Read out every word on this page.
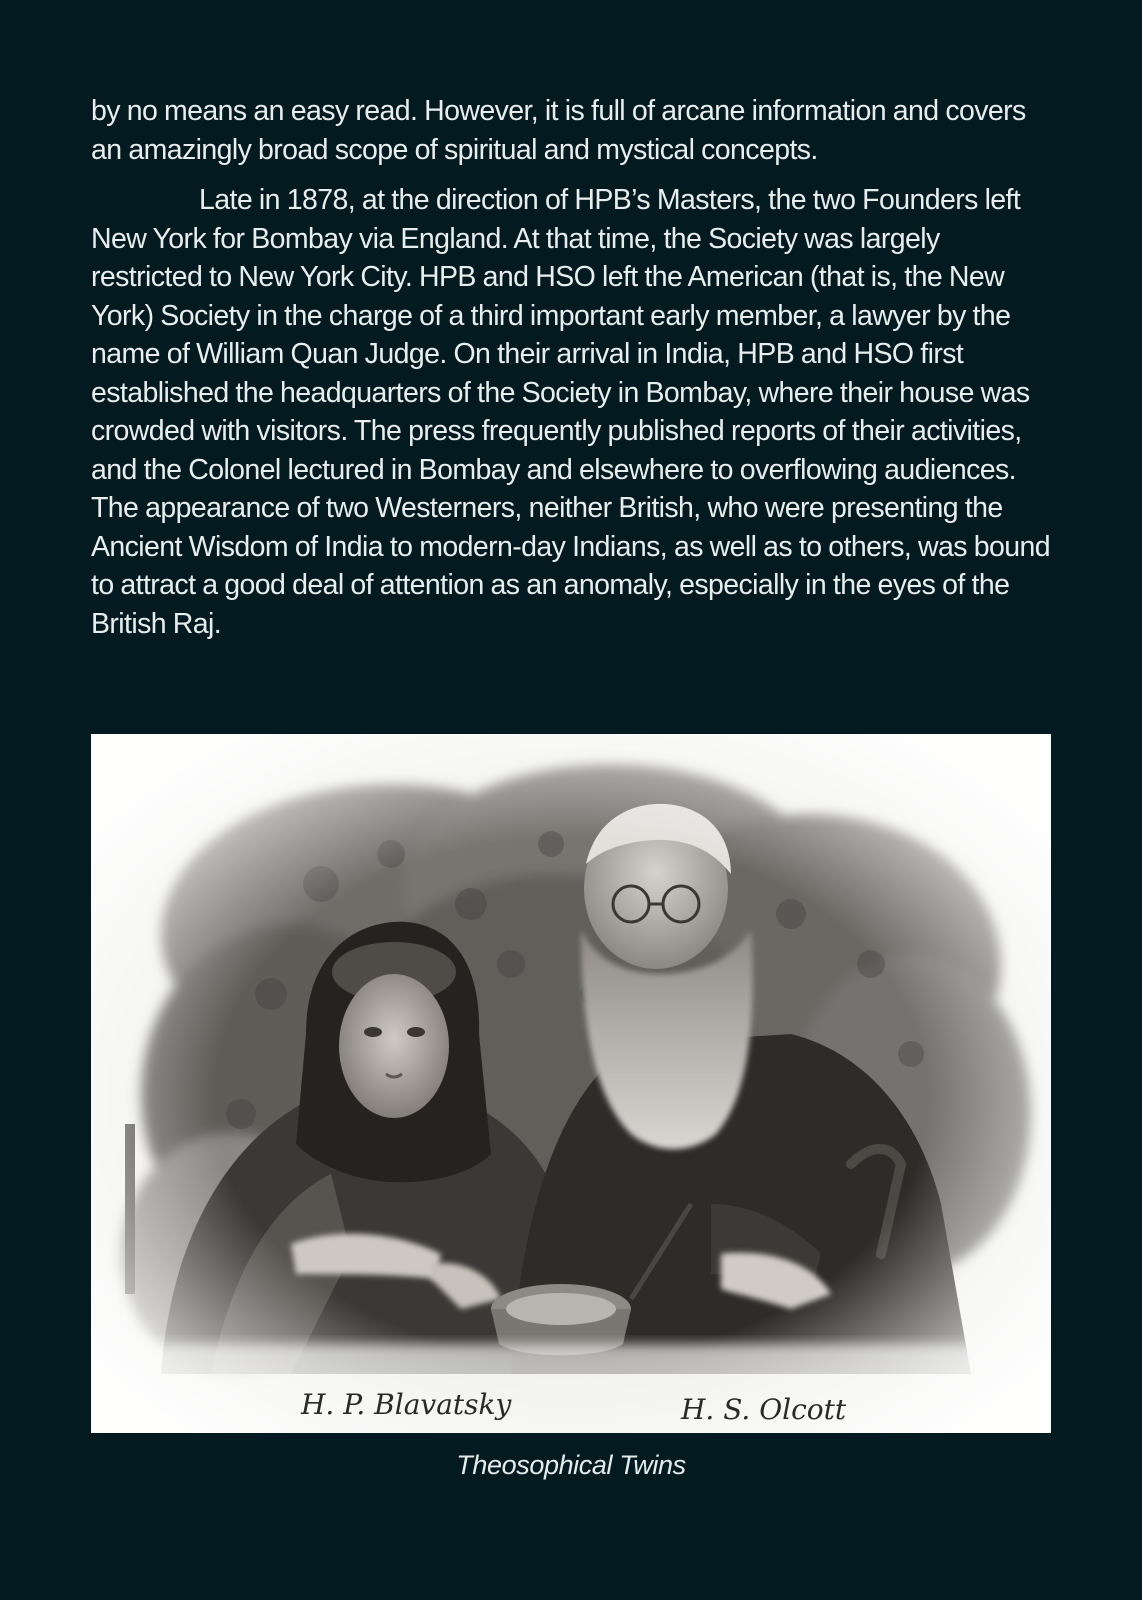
by no means an easy read. However, it is full of arcane information and covers an amazingly broad scope of spiritual and mystical concepts.

Late in 1878, at the direction of HPB’s Masters, the two Founders left New York for Bombay via England. At that time, the Society was largely restricted to New York City. HPB and HSO left the American (that is, the New York) Society in the charge of a third important early member, a lawyer by the name of William Quan Judge. On their arrival in India, HPB and HSO first established the headquarters of the Society in Bombay, where their house was crowded with visitors. The press frequently published reports of their activities, and the Colonel lectured in Bombay and elsewhere to overflowing audiences. The appearance of two Westerners, neither British, who were presenting the Ancient Wisdom of India to modern-day Indians, as well as to others, was bound to attract a good deal of attention as an anomaly, especially in the eyes of the British Raj.

H. P. Blavatsky	H. S. Olcott
Theosophical Twins
